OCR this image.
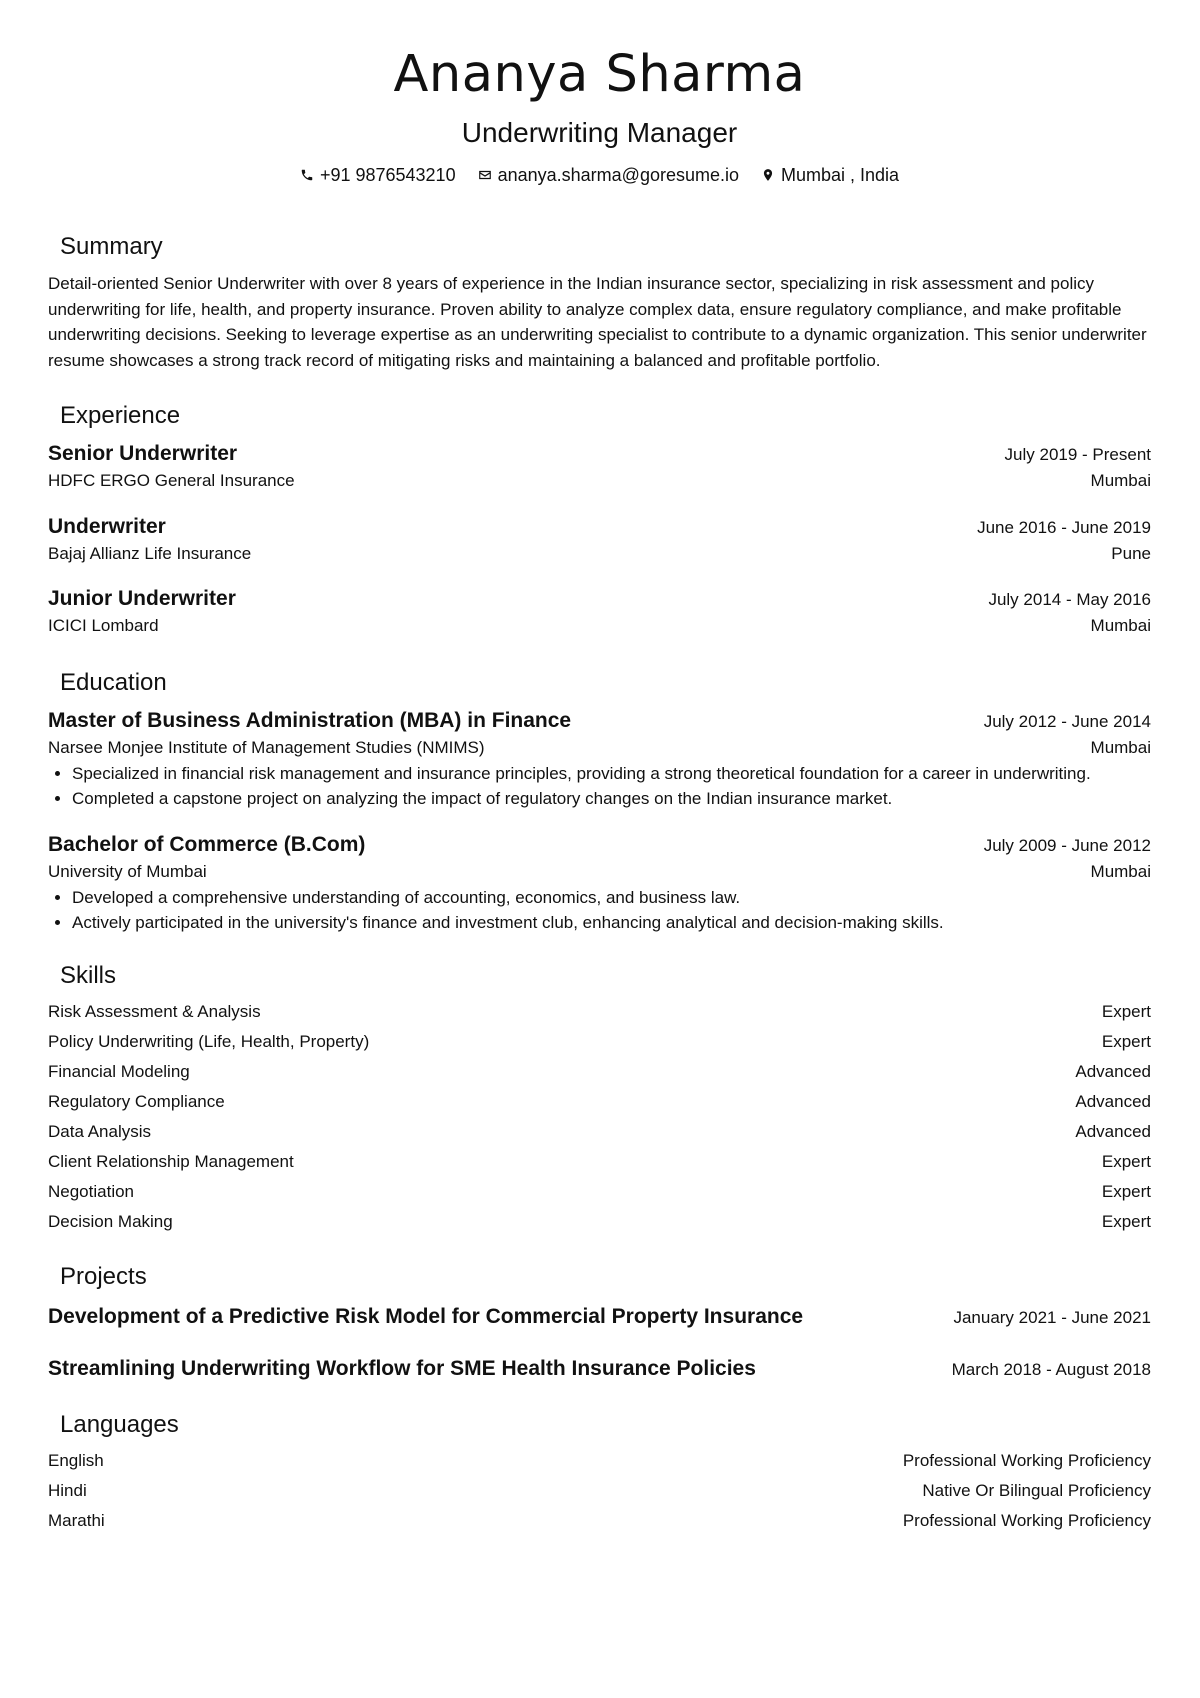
Ananya Sharma
Underwriting Manager
+91 9876543210 ananya.sharma@goresume.io Mumbai , India
Summary
Detail-oriented Senior Underwriter with over 8 years of experience in the Indian insurance sector, specializing in risk assessment and policy underwriting for life, health, and property insurance. Proven ability to analyze complex data, ensure regulatory compliance, and make profitable underwriting decisions. Seeking to leverage expertise as an underwriting specialist to contribute to a dynamic organization. This senior underwriter resume showcases a strong track record of mitigating risks and maintaining a balanced and profitable portfolio.
Experience
Senior Underwriter	July 2019 - Present
HDFC ERGO General Insurance	Mumbai
Underwriter	June 2016 - June 2019
Bajaj Allianz Life Insurance	Pune
Junior Underwriter	July 2014 - May 2016
ICICI Lombard	Mumbai
Education
Master of Business Administration (MBA) in Finance	July 2012 - June 2014
Narsee Monjee Institute of Management Studies (NMIMS)	Mumbai
• Specialized in financial risk management and insurance principles, providing a strong theoretical foundation for a career in underwriting.
• Completed a capstone project on analyzing the impact of regulatory changes on the Indian insurance market.
Bachelor of Commerce (B.Com)	July 2009 - June 2012
University of Mumbai	Mumbai
• Developed a comprehensive understanding of accounting, economics, and business law.
• Actively participated in the university's finance and investment club, enhancing analytical and decision-making skills.
Skills
Risk Assessment & Analysis	Expert
Policy Underwriting (Life, Health, Property)	Expert
Financial Modeling	Advanced
Regulatory Compliance	Advanced
Data Analysis	Advanced
Client Relationship Management	Expert
Negotiation	Expert
Decision Making	Expert
Projects
Development of a Predictive Risk Model for Commercial Property Insurance	January 2021 - June 2021
Streamlining Underwriting Workflow for SME Health Insurance Policies	March 2018 - August 2018
Languages
English	Professional Working Proficiency
Hindi	Native Or Bilingual Proficiency
Marathi	Professional Working Proficiency
